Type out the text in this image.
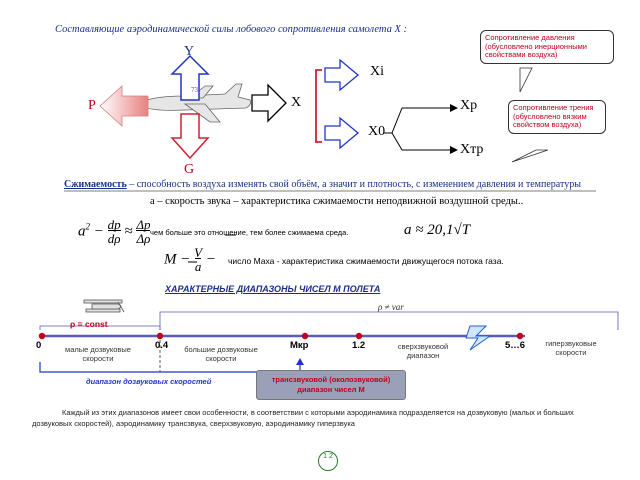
Составляющие аэродинамической силы лобового сопротивления самолета X :
Y
P
G
73
X
Xi
X0
Xp
Xтр
Сопротивление давления (обусловлено инерционными свойствами воздуха)
Сопротивление трения (обусловлено вязким свойством воздуха)
Сжимаемость – способность воздуха изменять свой объём, а значит и плотность, с изменением давления и температуры
a – скорость звука – характеристика сжимаемости неподвижной воздушной среды..
$a^2$ − dp
dρ ≈ Δp
Δρ чем больше это отношение, тем более сжимаема среда.	a ≈ 20,1√T
M − V
a − число Маха - характеристика сжимаемости движущегося потока газа.
ХАРАКТЕРНЫЕ ДИАПАЗОНЫ ЧИСЕЛ М ПОЛЕТА
ρ = const
ρ ≠ var
0	0.4	Мкр	1.2	5…6
малые дозвуковые скорости
большие дозвуковые скорости
сверхзвуковой диапазон
гиперзвуковые скорости
диапазон дозвуковых скоростей	трансзвуковой (околозвуковой) диапазон чисел М
Каждый из этих диапазонов имеет свои особенности, в соответствии с которыми аэродинамика подразделяется на дозвуковую (малых и больших дозвуковых скоростей), аэродинамику трансзвука, сверхзвуковую, аэродинамику гиперзвука
1 2
